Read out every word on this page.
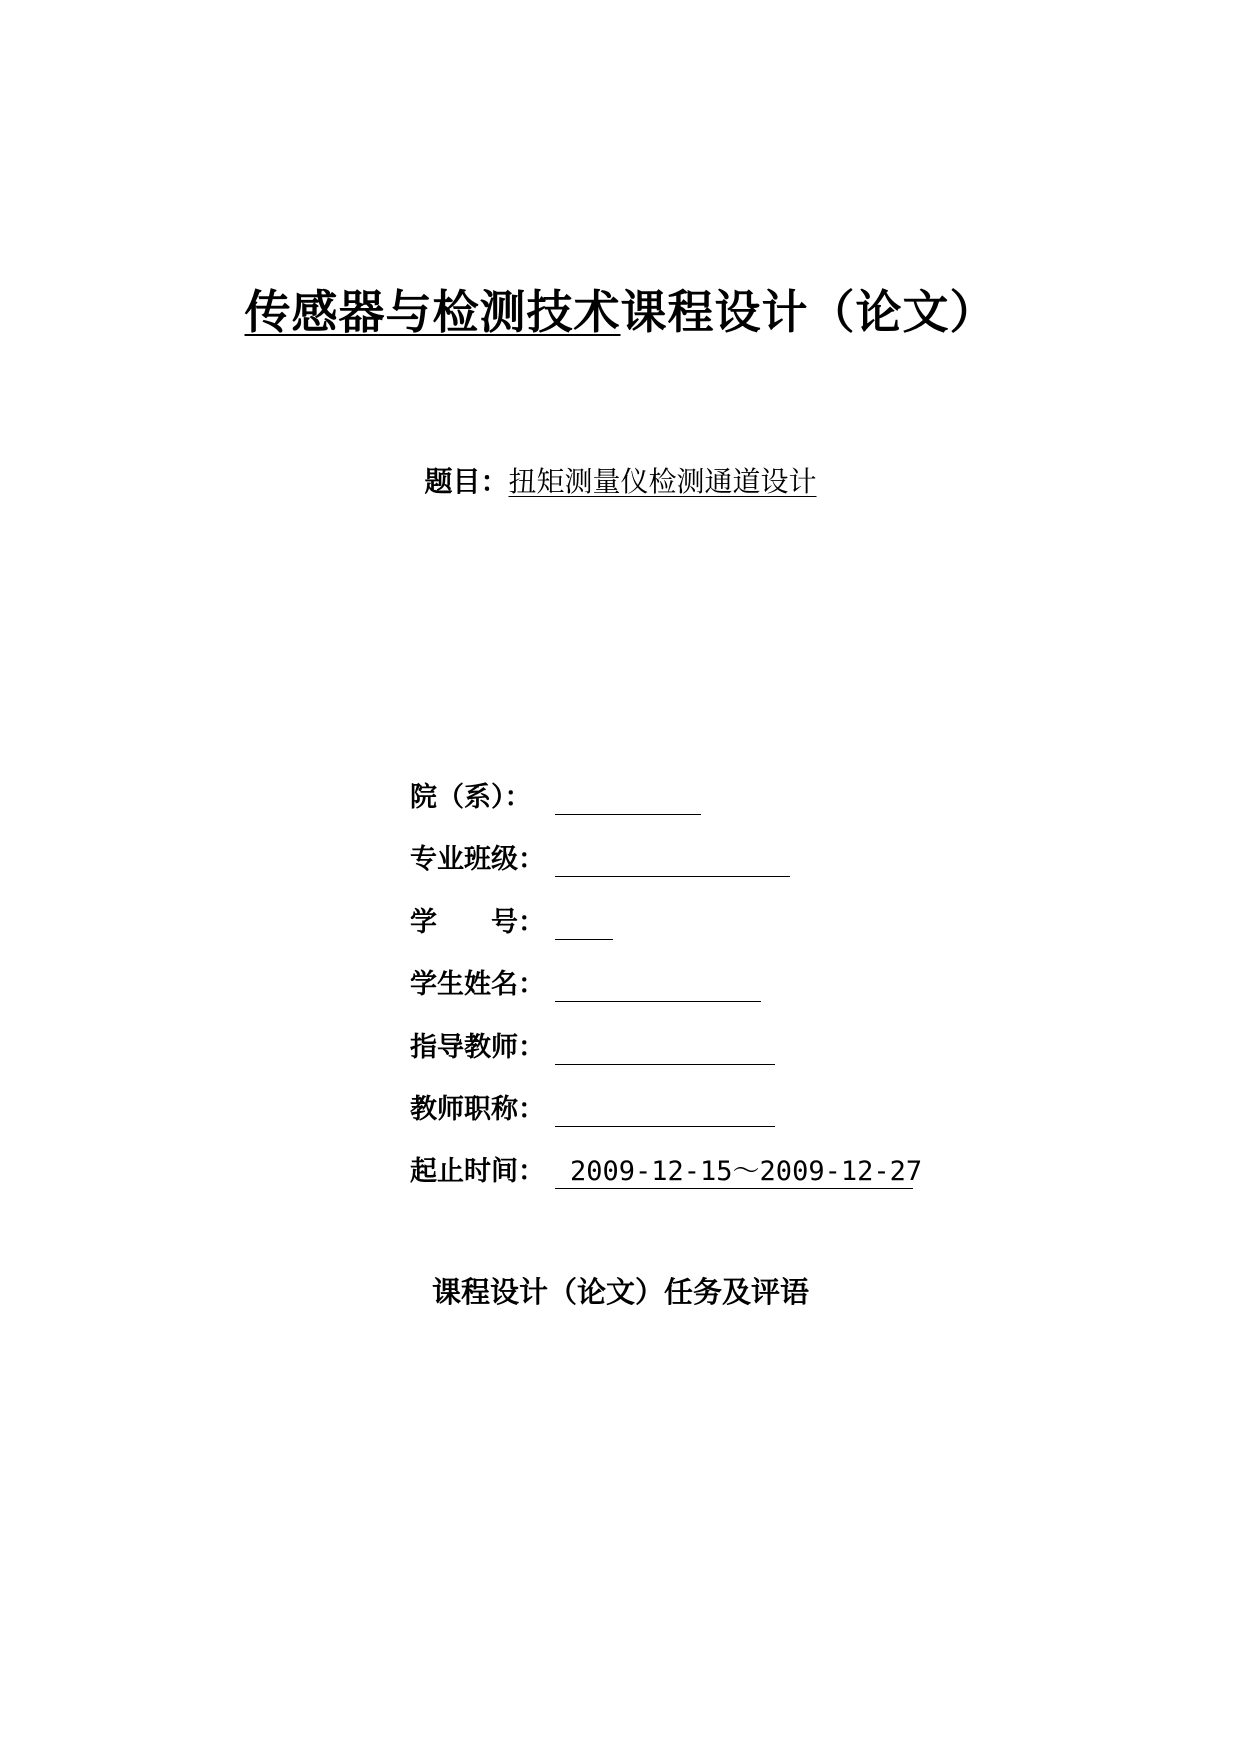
传感器与检测技术课程设计（论文）
题目：扭矩测量仪检测通道设计
院（系）：
专业班级：
学　　号：
学生姓名：
指导教师：
教师职称：
起止时间： 2009-12-15～2009-12-27
课程设计（论文）任务及评语
